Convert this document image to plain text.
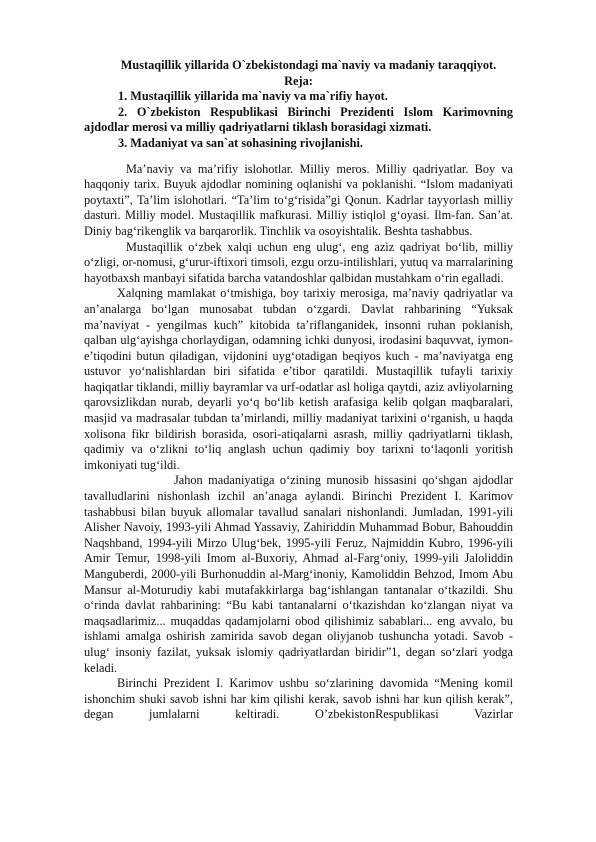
Mustaqillik yillarida O`zbekistondagi ma`naviy va madaniy taraqqiyot.

Reja:

1. Mustaqillik yillarida ma`naviy va ma`rifiy hayot.

2. O`zbekiston Respublikasi Birinchi Prezidenti Islom Karimovning ajdodlar merosi va milliy qadriyatlarni tiklash borasidagi xizmati.

3. Madaniyat va san`at sohasining rivojlanishi.

Ma’naviy va ma’rifiy islohotlar. Milliy meros. Milliy qadriyatlar. Boy va haqqoniy tarix. Buyuk ajdodlar nomining oqlanishi va poklanishi. “Islom madaniyati poytaxti”, Ta’lim islohotlari. “Ta’lim to‘g‘risida”gi Qonun. Kadrlar tayyorlash milliy dasturi. Milliy model. Mustaqillik mafkurasi. Milliy istiqlol g‘oyasi. Ilm-fan. San’at. Diniy bag‘rikenglik va barqarorlik. Tinchlik va osoyishtalik. Beshta tashabbus.

Mustaqillik o‘zbek xalqi uchun eng ulug‘, eng aziz qadriyat bo‘lib, milliy o‘zligi, or-nomusi, g‘urur-iftixori timsoli, ezgu orzu-intilishlari, yutuq va marralarining hayotbaxsh manbayi sifatida barcha vatandoshlar qalbidan mustahkam o‘rin egalladi.

Xalqning mamlakat o‘tmishiga, boy tarixiy merosiga, ma’naviy qadriyatlar va an’analarga bo‘lgan munosabat tubdan o‘zgardi. Davlat rahbarining “Yuksak ma’naviyat - yengilmas kuch” kitobida ta’riflanganidek, insonni ruhan poklanish, qalban ulg‘ayishga chorlaydigan, odamning ichki dunyosi, irodasini baquvvat, iymon-e’tiqodini butun qiladigan, vijdonini uyg‘otadigan beqiyos kuch - ma’naviyatga eng ustuvor yo‘nalishlardan biri sifatida e’tibor qaratildi. Mustaqillik tufayli tarixiy haqiqatlar tiklandi, milliy bayramlar va urf-odatlar asl holiga qaytdi, aziz avliyolarning qarovsizlikdan nurab, deyarli yo‘q bo‘lib ketish arafasiga kelib qolgan maqbaralari, masjid va madrasalar tubdan ta’mirlandi, milliy madaniyat tarixini o‘rganish, u haqda xolisona fikr bildirish borasida, osori-atiqalarni asrash, milliy qadriyatlarni tiklash, qadimiy va o‘zlikni to‘liq anglash uchun qadimiy boy tarixni to‘laqonli yoritish imkoniyati tug‘ildi.

Jahon madaniyatiga o‘zining munosib hissasini qo‘shgan ajdodlar tavalludlarini nishonlash izchil an’anaga aylandi. Birinchi Prezident I. Karimov tashabbusi bilan buyuk allomalar tavallud sanalari nishonlandi. Jumladan, 1991-yili Alisher Navoiy, 1993-yili Ahmad Yassaviy, Zahiriddin Muhammad Bobur, Bahouddin Naqshband, 1994-yili Mirzo Ulug‘bek, 1995-yili Feruz, Najmiddin Kubro, 1996-yili Amir Temur, 1998-yili Imom al-Buxoriy, Ahmad al-Farg‘oniy, 1999-yili Jaloliddin Manguberdi, 2000-yili Burhonuddin al-Marg‘inoniy, Kamoliddin Behzod, Imom Abu Mansur al-Moturudiy kabi mutafakkirlarga bag‘ishlangan tantanalar o‘tkazildi. Shu o‘rinda davlat rahbarining: “Bu kabi tantanalarni o‘tkazishdan ko‘zlangan niyat va maqsadlarimiz... muqaddas qadamjolarni obod qilishimiz sabablari... eng avvalo, bu ishlami amalga oshirish zamirida savob degan oliyjanob tushuncha yotadi. Savob - ulug‘ insoniy fazilat, yuksak islomiy qadriyatlardan biridir”1, degan so‘zlari yodga keladi.

Birinchi Prezident I. Karimov ushbu so‘zlarining davomida “Mening komil ishonchim shuki savob ishni har kim qilishi kerak, savob ishni har kun qilish kerak”, degan jumlalarni keltiradi. O’zbekistonRespublikasi Vazirlar
